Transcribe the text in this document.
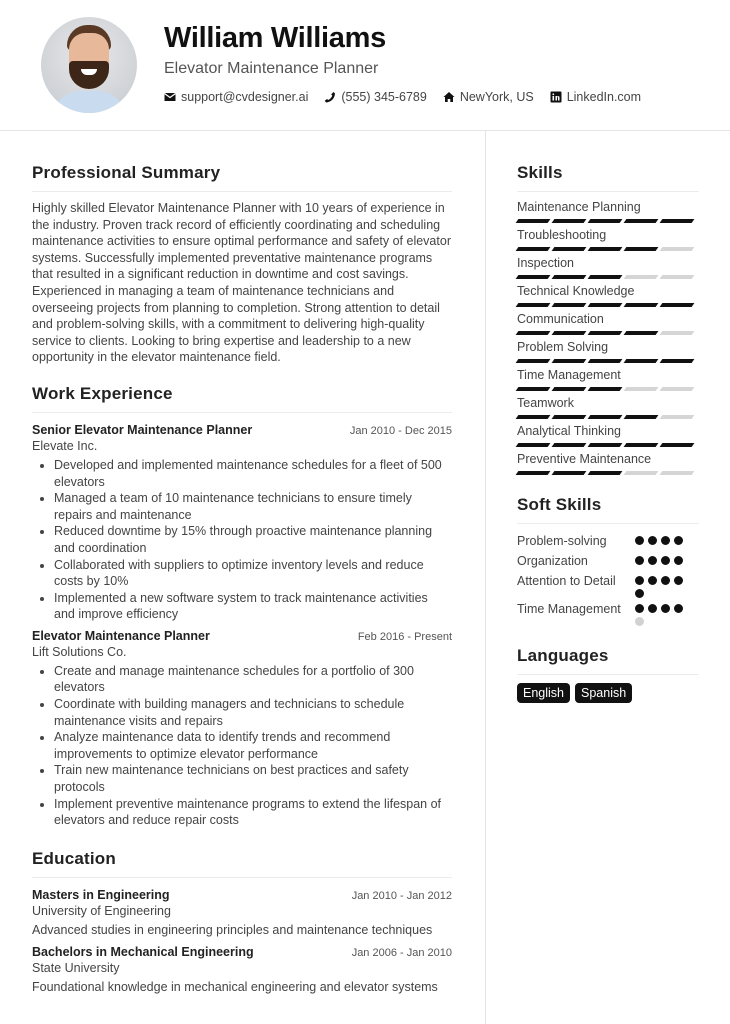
William Williams
Elevator Maintenance Planner
support@cvdesigner.ai	(555) 345-6789	NewYork, US	LinkedIn.com
Professional Summary

Highly skilled Elevator Maintenance Planner with 10 years of experience in the industry. Proven track record of efficiently coordinating and scheduling maintenance activities to ensure optimal performance and safety of elevator systems. Successfully implemented preventative maintenance programs that resulted in a significant reduction in downtime and cost savings. Experienced in managing a team of maintenance technicians and overseeing projects from planning to completion. Strong attention to detail and problem-solving skills, with a commitment to delivering high-quality service to clients. Looking to bring expertise and leadership to a new opportunity in the elevator maintenance field.

Work Experience
Senior Elevator Maintenance Planner	Jan 2010 - Dec 2015
Elevate Inc.
Developed and implemented maintenance schedules for a fleet of 500 elevators
Managed a team of 10 maintenance technicians to ensure timely repairs and maintenance
Reduced downtime by 15% through proactive maintenance planning and coordination
Collaborated with suppliers to optimize inventory levels and reduce costs by 10%
Implemented a new software system to track maintenance activities and improve efficiency
Elevator Maintenance Planner	Feb 2016 - Present
Lift Solutions Co.
Create and manage maintenance schedules for a portfolio of 300 elevators
Coordinate with building managers and technicians to schedule maintenance visits and repairs
Analyze maintenance data to identify trends and recommend improvements to optimize elevator performance
Train new maintenance technicians on best practices and safety protocols
Implement preventive maintenance programs to extend the lifespan of elevators and reduce repair costs
Education
Masters in Engineering	Jan 2010 - Jan 2012
University of Engineering
Advanced studies in engineering principles and maintenance techniques
Bachelors in Mechanical Engineering	Jan 2006 - Jan 2010
State University
Foundational knowledge in mechanical engineering and elevator systems
Skills
Maintenance Planning
Troubleshooting
Inspection
Technical Knowledge
Communication
Problem Solving
Time Management
Teamwork
Analytical Thinking
Preventive Maintenance
Soft Skills
Problem-solving
Organization
Attention to Detail
Time Management
Languages
English	Spanish
